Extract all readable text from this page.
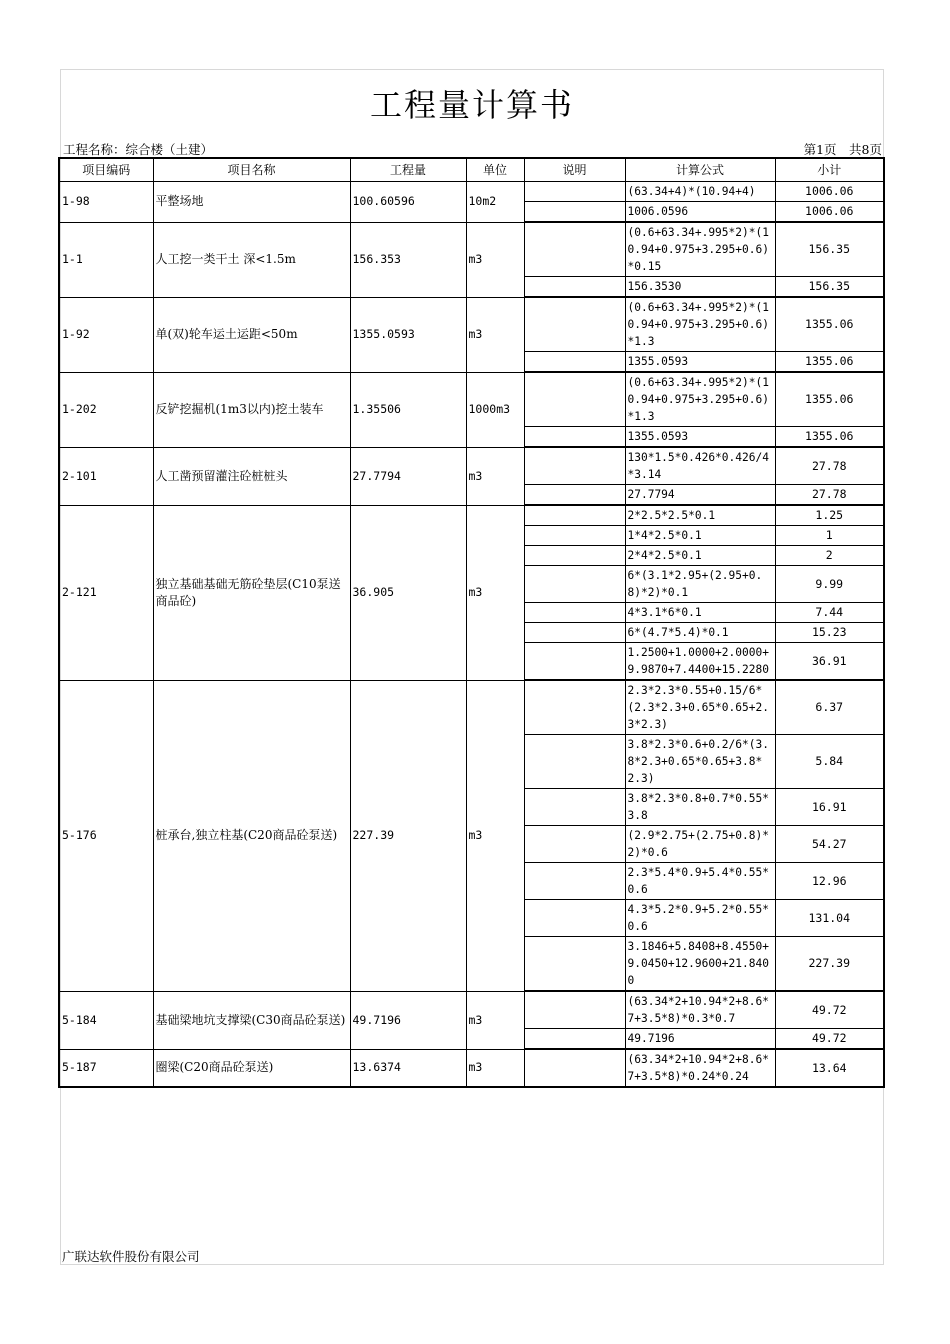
工程量计算书
工程名称：综合楼（土建）	第1页　共8页
项目编码	项目名称	工程量	单位	说明	计算公式	小计
1-98	平整场地	100.60596	10m2		(63.34+4)*(10.94+4)	1006.06
					1006.0596	1006.06
1-1	人工挖一类干土 深<1.5m	156.353	m3		(0.6+63.34+.995*2)*(10.94+0.975+3.295+0.6)*0.15	156.35
					156.3530	156.35
1-92	单(双)轮车运土运距<50m	1355.0593	m3		(0.6+63.34+.995*2)*(10.94+0.975+3.295+0.6) *1.3	1355.06
					1355.0593	1355.06
1-202	反铲挖掘机(1m3以内)挖土装车	1.35506	1000m3		(0.6+63.34+.995*2)*(10.94+0.975+3.295+0.6) *1.3	1355.06
					1355.0593	1355.06
2-101	人工凿预留灌注砼桩桩头	27.7794	m3		130*1.5*0.426*0.426/4*3.14	27.78
					27.7794	27.78
2-121	独立基础基础无筋砼垫层(C10泵送商品砼)	36.905	m3		2*2.5*2.5*0.1	1.25
					1*4*2.5*0.1	1
					2*4*2.5*0.1	2
					6*(3.1*2.95+(2.95+0.8)*2)*0.1	9.99
					4*3.1*6*0.1	7.44
					6*(4.7*5.4)*0.1	15.23
					1.2500+1.0000+2.0000+9.9870+7.4400+15.2280	36.91
5-176	桩承台,独立柱基(C20商品砼泵送)	227.39	m3		2.3*2.3*0.55+0.15/6*(2.3*2.3+0.65*0.65+2.3*2.3)	6.37
					3.8*2.3*0.6+0.2/6*(3.8*2.3+0.65*0.65+3.8*2.3)	5.84
					3.8*2.3*0.8+0.7*0.55*3.8	16.91
					(2.9*2.75+(2.75+0.8)*2)*0.6	54.27
					2.3*5.4*0.9+5.4*0.55*0.6	12.96
					4.3*5.2*0.9+5.2*0.55*0.6	131.04
					3.1846+5.8408+8.4550+9.0450+12.9600+21.8400	227.39
5-184	基础梁地坑支撑梁(C30商品砼泵送)	49.7196	m3		(63.34*2+10.94*2+8.6*7+3.5*8)*0.3*0.7	49.72
					49.7196	49.72
5-187	圈梁(C20商品砼泵送)	13.6374	m3		(63.34*2+10.94*2+8.6*7+3.5*8)*0.24*0.24	13.64
广联达软件股份有限公司
